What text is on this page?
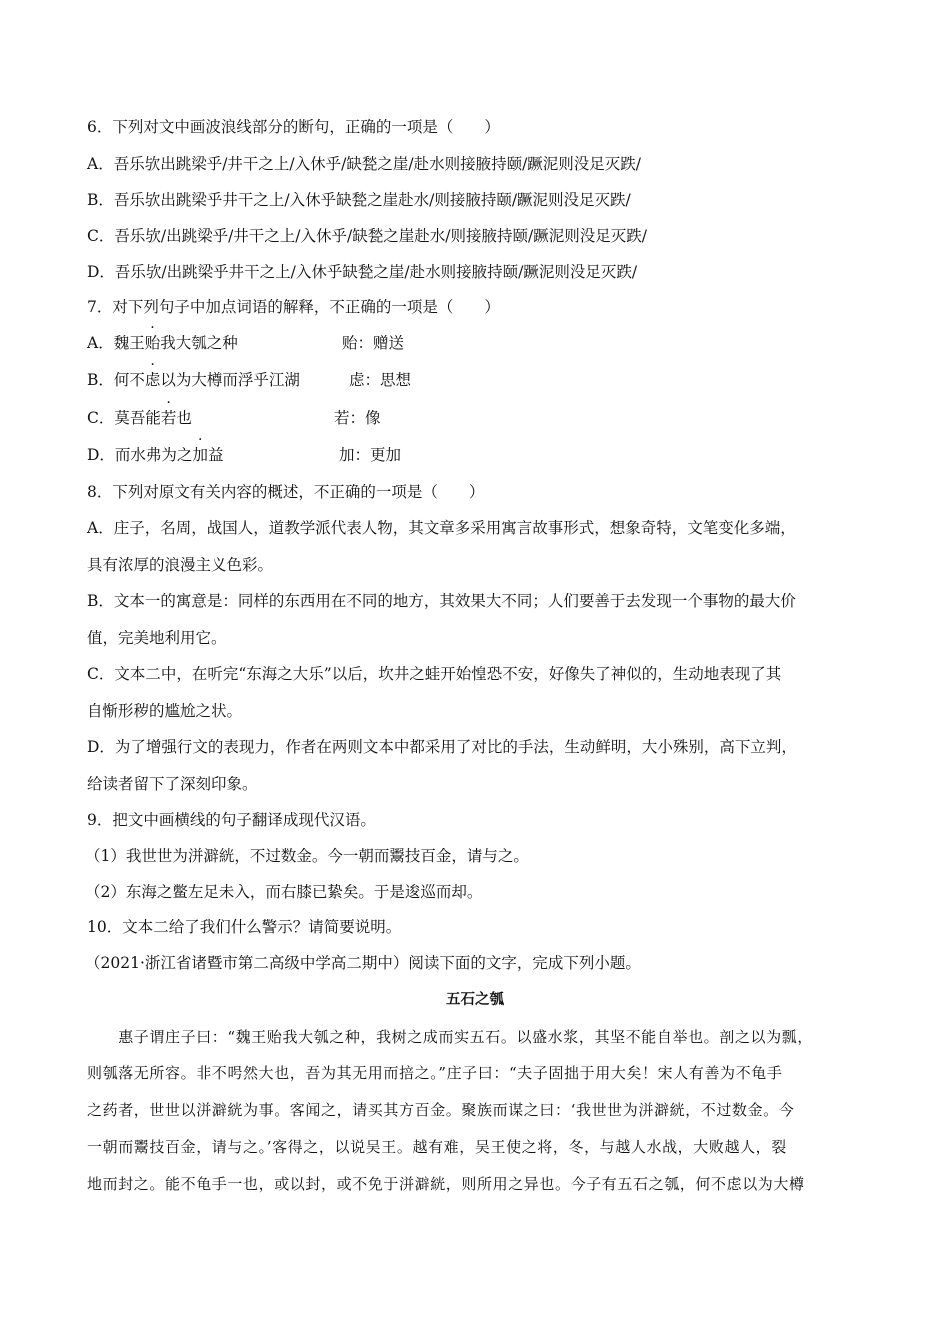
6．下列对文中画波浪线部分的断句，正确的一项是（　　）
A．吾乐欤出跳梁乎/井干之上/入休乎/缺甃之崖/赴水则接腋持颐/蹶泥则没足灭跌/
B．吾乐欤出跳梁乎井干之上/入休乎缺甃之崖赴水/则接腋持颐/蹶泥则没足灭跌/
C．吾乐欤/出跳梁乎/井干之上/入休乎/缺甃之崖赴水/则接腋持颐/蹶泥则没足灭跌/
D．吾乐欤/出跳梁乎井干之上/入休乎缺甃之崖/赴水则接腋持颐/蹶泥则没足灭跌/
7．对下列句子中加点词语的解释，不正确的一项是（　　）
A．魏王贻我大瓠之种	贻：赠送
B．何不虑以为大樽而浮乎江湖	虑：思想
C．莫吾能若也	若：像
D．而水弗为之加益	加：更加
8．下列对原文有关内容的概述，不正确的一项是（　　）
A．庄子，名周，战国人，道教学派代表人物，其文章多采用寓言故事形式，想象奇特，文笔变化多端，
具有浓厚的浪漫主义色彩。
B．文本一的寓意是：同样的东西用在不同的地方，其效果大不同；人们要善于去发现一个事物的最大价
值，完美地利用它。
C．文本二中，在听完“东海之大乐”以后，坎井之蛙开始惶恐不安，好像失了神似的，生动地表现了其
自惭形秽的尴尬之状。
D．为了增强行文的表现力，作者在两则文本中都采用了对比的手法，生动鲜明，大小殊别，高下立判，
给读者留下了深刻印象。
9．把文中画横线的句子翻译成现代汉语。
（1）我世世为洴澼絖，不过数金。今一朝而鬻技百金，请与之。
（2）东海之鳖左足未入，而右膝已絷矣。于是逡巡而却。
10．文本二给了我们什么警示？请简要说明。
（2021·浙江省诸暨市第二高级中学高二期中）阅读下面的文字，完成下列小题。
五石之瓠
　　惠子谓庄子曰：“魏王贻我大瓠之种，我树之成而实五石。以盛水浆，其坚不能自举也。剖之以为瓢，
则瓠落无所容。非不呺然大也，吾为其无用而掊之。”庄子曰：“夫子固拙于用大矣！宋人有善为不龟手
之药者，世世以洴澼絖为事。客闻之，请买其方百金。聚族而谋之曰：‘我世世为洴澼絖，不过数金。今
一朝而鬻技百金，请与之。’客得之，以说吴王。越有难，吴王使之将，冬，与越人水战，大败越人，裂
地而封之。能不龟手一也，或以封，或不免于洴澼絖，则所用之异也。今子有五石之瓠，何不虑以为大樽
